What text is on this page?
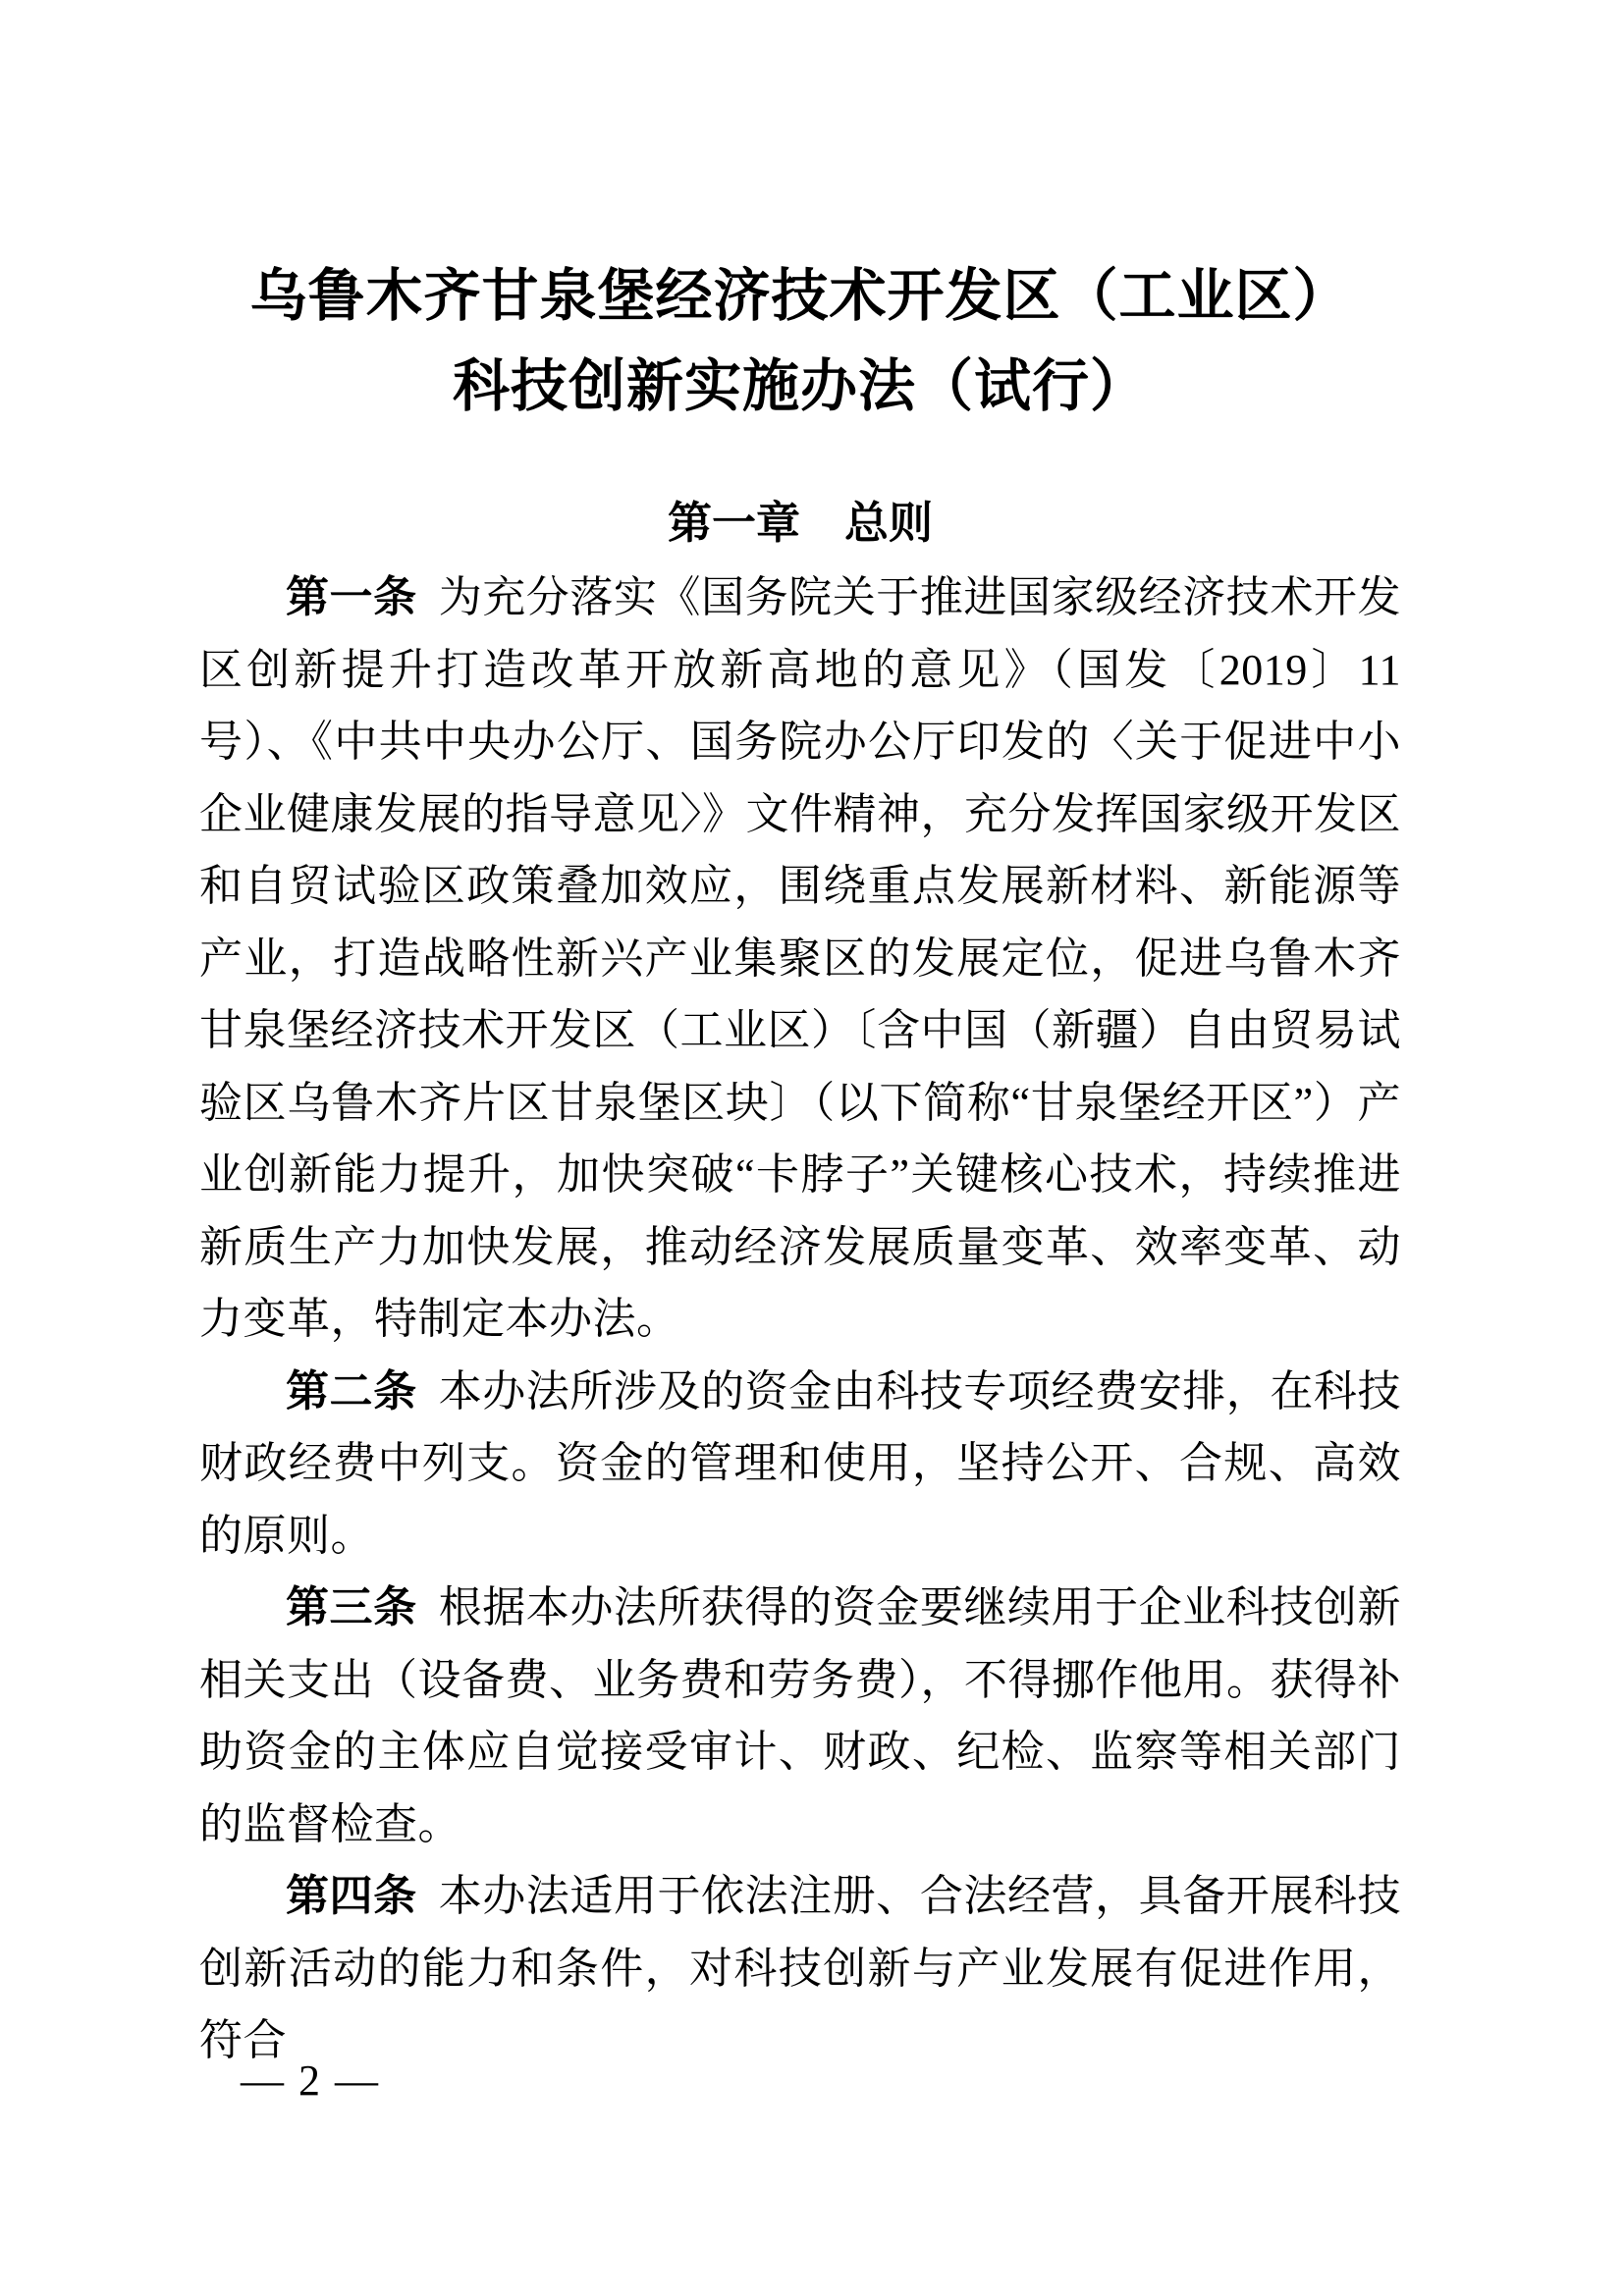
乌鲁木齐甘泉堡经济技术开发区（工业区）
科技创新实施办法（试行）
第一章　总则

第一条 为充分落实《国务院关于推进国家级经济技术开发区创新提升打造改革开放新高地的意见》（国发〔2019〕11 号）、《中共中央办公厅、国务院办公厅印发的〈关于促进中小企业健康发展的指导意见〉》文件精神，充分发挥国家级开发区和自贸试验区政策叠加效应，围绕重点发展新材料、新能源等产业，打造战略性新兴产业集聚区的发展定位，促进乌鲁木齐甘泉堡经济技术开发区（工业区）〔含中国（新疆）自由贸易试验区乌鲁木齐片区甘泉堡区块〕（以下简称“甘泉堡经开区”）产业创新能力提升，加快突破“卡脖子”关键核心技术，持续推进新质生产力加快发展，推动经济发展质量变革、效率变革、动力变革，特制定本办法。

第二条 本办法所涉及的资金由科技专项经费安排，在科技财政经费中列支。资金的管理和使用，坚持公开、合规、高效的原则。

第三条 根据本办法所获得的资金要继续用于企业科技创新相关支出（设备费、业务费和劳务费），不得挪作他用。获得补助资金的主体应自觉接受审计、财政、纪检、监察等相关部门的监督检查。

第四条 本办法适用于依法注册、合法经营，具备开展科技创新活动的能力和条件，对科技创新与产业发展有促进作用，符合

— 2 —
